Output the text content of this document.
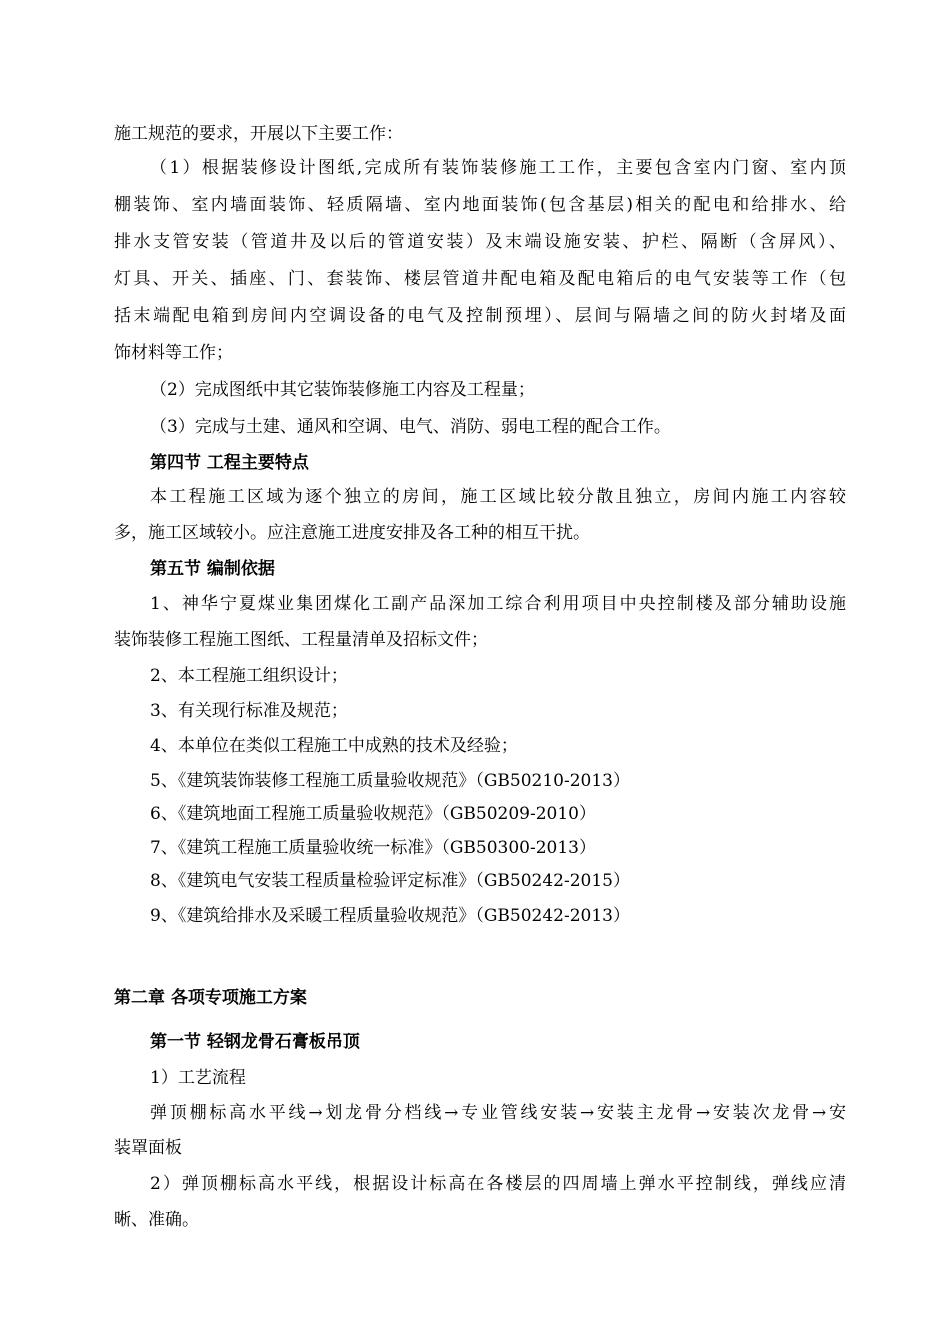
施工规范的要求，开展以下主要工作：
（1）根据装修设计图纸,完成所有装饰装修施工工作，主要包含室内门窗、室内顶
棚装饰、室内墙面装饰、轻质隔墙、室内地面装饰(包含基层)相关的配电和给排水、给
排水支管安装（管道井及以后的管道安装）及末端设施安装、护栏、隔断（含屏风）、
灯具、开关、插座、门、套装饰、楼层管道井配电箱及配电箱后的电气安装等工作（包
括末端配电箱到房间内空调设备的电气及控制预埋）、层间与隔墙之间的防火封堵及面
饰材料等工作；
（2）完成图纸中其它装饰装修施工内容及工程量；
（3）完成与土建、通风和空调、电气、消防、弱电工程的配合工作。
第四节 工程主要特点
本工程施工区域为逐个独立的房间，施工区域比较分散且独立，房间内施工内容较
多，施工区域较小。应注意施工进度安排及各工种的相互干扰。
第五节 编制依据
1、神华宁夏煤业集团煤化工副产品深加工综合利用项目中央控制楼及部分辅助设施
装饰装修工程施工图纸、工程量清单及招标文件；
2、本工程施工组织设计；
3、有关现行标准及规范；
4、本单位在类似工程施工中成熟的技术及经验；
5、《建筑装饰装修工程施工质量验收规范》（GB50210-2013）
6、《建筑地面工程施工质量验收规范》（GB50209-2010）
7、《建筑工程施工质量验收统一标准》（GB50300-2013）
8、《建筑电气安装工程质量检验评定标准》（GB50242-2015）
9、《建筑给排水及采暖工程质量验收规范》（GB50242-2013）
第二章 各项专项施工方案
第一节 轻钢龙骨石膏板吊顶
1）工艺流程
弹顶棚标高水平线→划龙骨分档线→专业管线安装→安装主龙骨→安装次龙骨→安
装罩面板
2）弹顶棚标高水平线，根据设计标高在各楼层的四周墙上弹水平控制线，弹线应清
晰、准确。
